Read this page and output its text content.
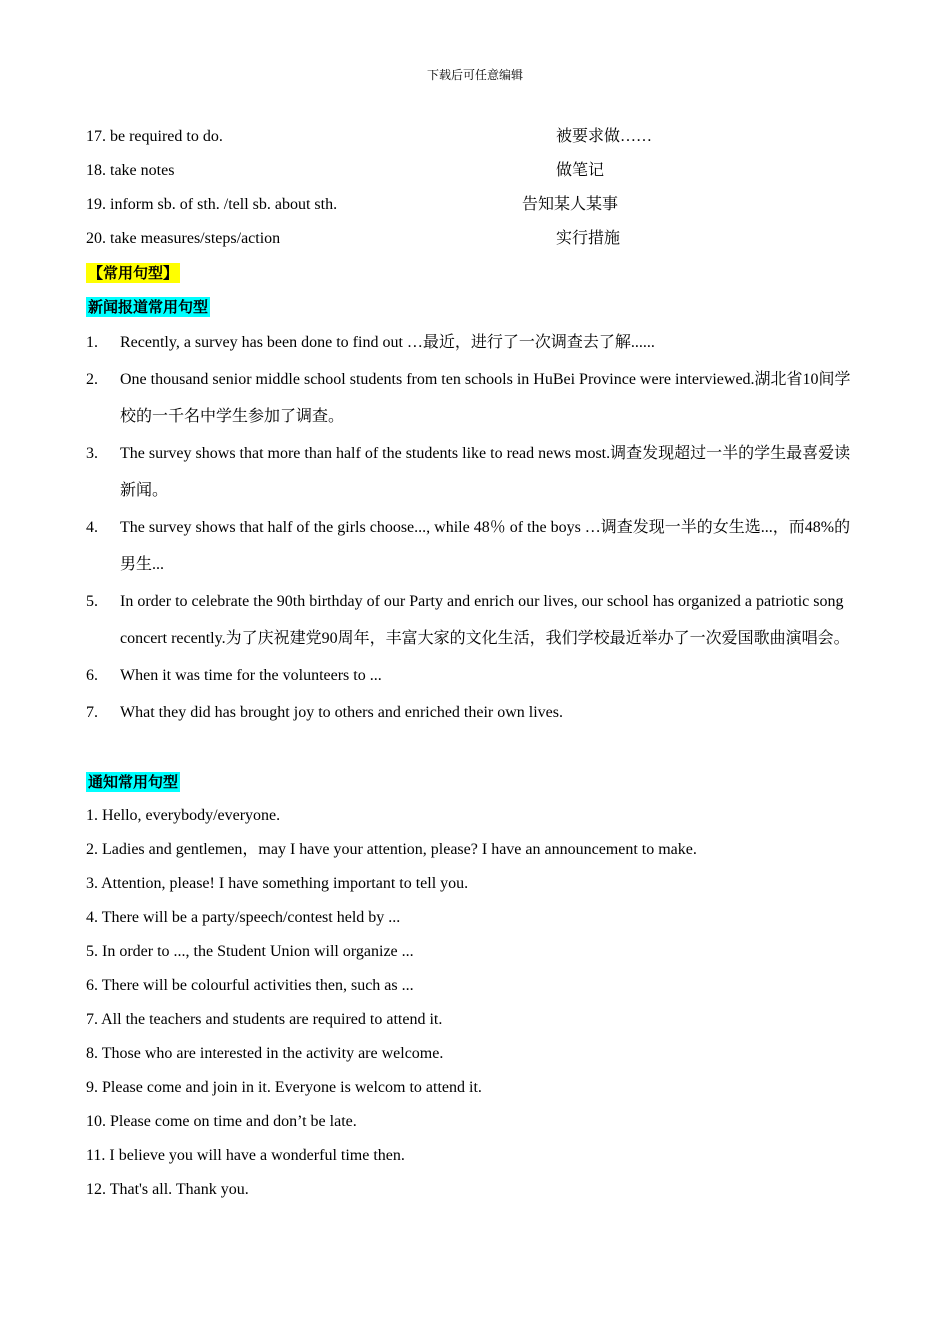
下载后可任意编辑
17. be required to do.	被要求做……
18. take notes	做笔记
19. inform sb. of sth. /tell sb. about sth.	告知某人某事
20. take measures/steps/action	实行措施
【常用句型】
新闻报道常用句型
1. Recently, a survey has been done to find out …最近，进行了一次调查去了解......
2. One thousand senior middle school students from ten schools in HuBei Province were interviewed.湖北省10间学校的一千名中学生参加了调查。
3. The survey shows that more than half of the students like to read news most.调查发现超过一半的学生最喜爱读新闻。
4. The survey shows that half of the girls choose..., while 48％ of the boys …调查发现一半的女生选...，而48%的男生...
5. In order to celebrate the 90th birthday of our Party and enrich our lives, our school has organized a patriotic song concert recently.为了庆祝建党90周年，丰富大家的文化生活，我们学校最近举办了一次爱国歌曲演唱会。
6. When it was time for the volunteers to ...
7. What they did has brought joy to others and enriched their own lives.
通知常用句型
1. Hello, everybody/everyone.
2. Ladies and gentlemen，may I have your attention, please? I have an announcement to make.
3. Attention, please! I have something important to tell you.
4. There will be a party/speech/contest held by ...
5. In order to ..., the Student Union will organize ...
6. There will be colourful activities then, such as ...
7. All the teachers and students are required to attend it.
8. Those who are interested in the activity are welcome.
9. Please come and join in it. Everyone is welcom to attend it.
10. Please come on time and don’t be late.
11. I believe you will have a wonderful time then.
12. That's all. Thank you.
